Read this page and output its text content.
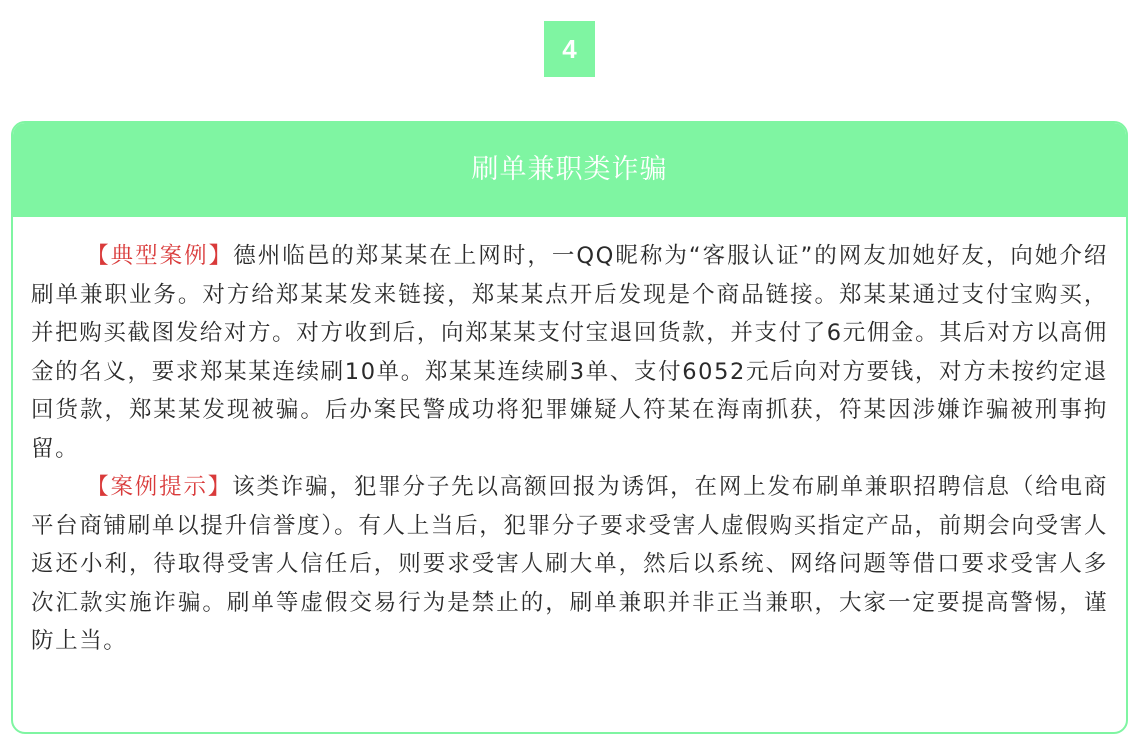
4
刷单兼职类诈骗

【典型案例】德州临邑的郑某某在上网时，一QQ昵称为“客服认证”的网友加她好友，向她介绍刷单兼职业务。对方给郑某某发来链接，郑某某点开后发现是个商品链接。郑某某通过支付宝购买，并把购买截图发给对方。对方收到后，向郑某某支付宝退回货款，并支付了6元佣金。其后对方以高佣金的名义，要求郑某某连续刷10单。郑某某连续刷3单、支付6052元后向对方要钱，对方未按约定退回货款，郑某某发现被骗。后办案民警成功将犯罪嫌疑人符某在海南抓获，符某因涉嫌诈骗被刑事拘留。

【案例提示】该类诈骗，犯罪分子先以高额回报为诱饵，在网上发布刷单兼职招聘信息（给电商平台商铺刷单以提升信誉度）。有人上当后，犯罪分子要求受害人虚假购买指定产品，前期会向受害人返还小利，待取得受害人信任后，则要求受害人刷大单，然后以系统、网络问题等借口要求受害人多次汇款实施诈骗。刷单等虚假交易行为是禁止的，刷单兼职并非正当兼职，大家一定要提高警惕，谨防上当。
